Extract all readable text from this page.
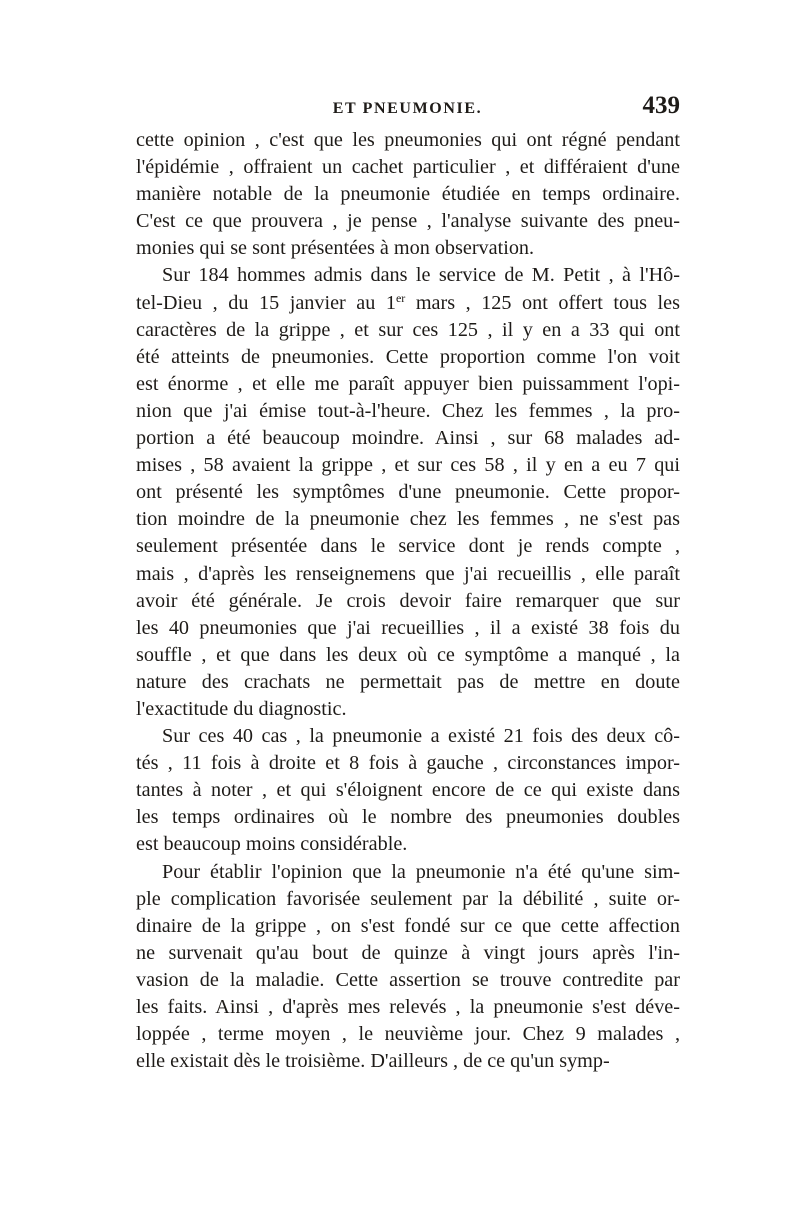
ET PNEUMONIE.	439
cette opinion , c'est que les pneumonies qui ont régné pendant
l'épidémie , offraient un cachet particulier , et différaient d'une
manière notable de la pneumonie étudiée en temps ordinaire.
C'est ce que prouvera , je pense , l'analyse suivante des pneu-
monies qui se sont présentées à mon observation.
Sur 184 hommes admis dans le service de M. Petit , à l'Hô-
tel-Dieu , du 15 janvier au 1er mars , 125 ont offert tous les
caractères de la grippe , et sur ces 125 , il y en a 33 qui ont
été atteints de pneumonies. Cette proportion comme l'on voit
est énorme , et elle me paraît appuyer bien puissamment l'opi-
nion que j'ai émise tout-à-l'heure. Chez les femmes , la pro-
portion a été beaucoup moindre. Ainsi , sur 68 malades ad-
mises , 58 avaient la grippe , et sur ces 58 , il y en a eu 7 qui
ont présenté les symptômes d'une pneumonie. Cette propor-
tion moindre de la pneumonie chez les femmes , ne s'est pas
seulement présentée dans le service dont je rends compte ,
mais , d'après les renseignemens que j'ai recueillis , elle paraît
avoir été générale. Je crois devoir faire remarquer que sur
les 40 pneumonies que j'ai recueillies , il a existé 38 fois du
souffle , et que dans les deux où ce symptôme a manqué , la
nature des crachats ne permettait pas de mettre en doute
l'exactitude du diagnostic.
Sur ces 40 cas , la pneumonie a existé 21 fois des deux cô-
tés , 11 fois à droite et 8 fois à gauche , circonstances impor-
tantes à noter , et qui s'éloignent encore de ce qui existe dans
les temps ordinaires où le nombre des pneumonies doubles
est beaucoup moins considérable.
Pour établir l'opinion que la pneumonie n'a été qu'une sim-
ple complication favorisée seulement par la débilité , suite or-
dinaire de la grippe , on s'est fondé sur ce que cette affection
ne survenait qu'au bout de quinze à vingt jours après l'in-
vasion de la maladie. Cette assertion se trouve contredite par
les faits. Ainsi , d'après mes relevés , la pneumonie s'est déve-
loppée , terme moyen , le neuvième jour. Chez 9 malades ,
elle existait dès le troisième. D'ailleurs , de ce qu'un symp-
